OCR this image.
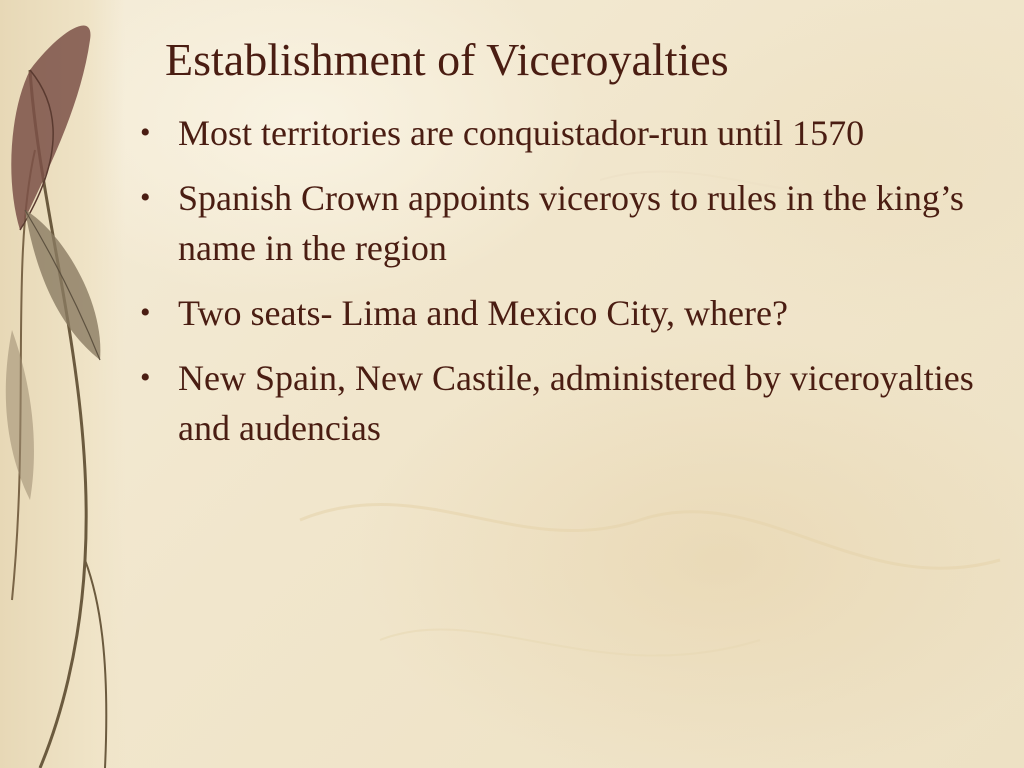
Establishment of Viceroyalties
• Most territories are conquistador-run until 1570
• Spanish Crown appoints viceroys to rules in the king’s name in the region
• Two seats- Lima and Mexico City, where?
• New Spain, New Castile, administered by viceroyalties and audencias
